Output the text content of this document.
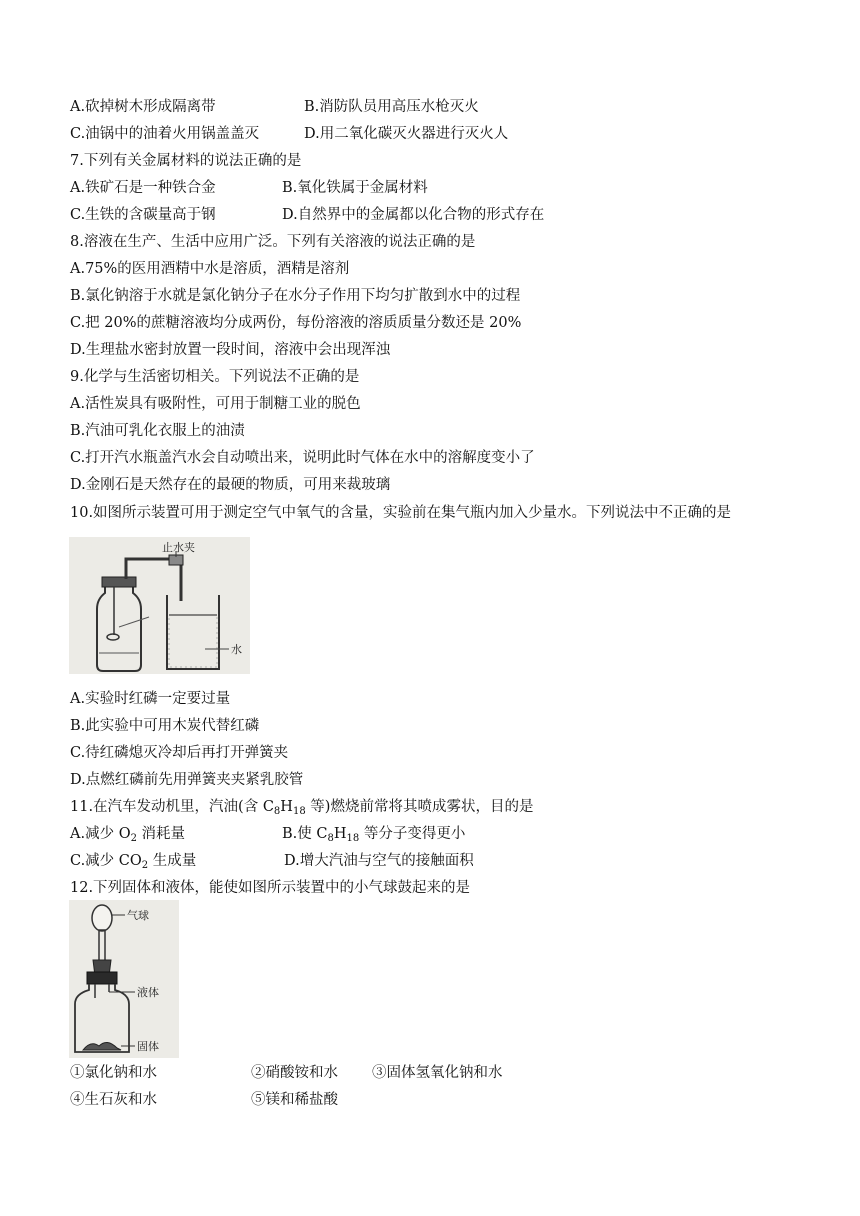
A.砍掉树木形成隔离带	B.消防队员用高压水枪灭火
C.油锅中的油着火用锅盖盖灭	D.用二氧化碳灭火器进行灭火人
7.下列有关金属材料的说法正确的是
A.铁矿石是一种铁合金	B.氧化铁属于金属材料
C.生铁的含碳量高于钢	D.自然界中的金属都以化合物的形式存在
8.溶液在生产、生活中应用广泛。下列有关溶液的说法正确的是
A.75%的医用酒精中水是溶质，酒精是溶剂
B.氯化钠溶于水就是氯化钠分子在水分子作用下均匀扩散到水中的过程
C.把 20%的蔗糖溶液均分成两份，每份溶液的溶质质量分数还是 20%
D.生理盐水密封放置一段时间，溶液中会出现浑浊
9.化学与生活密切相关。下列说法不正确的是
A.活性炭具有吸附性，可用于制糖工业的脱色
B.汽油可乳化衣服上的油渍
C.打开汽水瓶盖汽水会自动喷出来，说明此时气体在水中的溶解度变小了
D.金刚石是天然存在的最硬的物质，可用来裁玻璃
10.如图所示装置可用于测定空气中氧气的含量，实验前在集气瓶内加入少量水。下列说法中不正确的是
止水夹
水
A.实验时红磷一定要过量
B.此实验中可用木炭代替红磷
C.待红磷熄灭冷却后再打开弹簧夹
D.点燃红磷前先用弹簧夹夹紧乳胶管
11.在汽车发动机里，汽油(含 $C_8H_{18}$ 等)燃烧前常将其喷成雾状，目的是
A.减少 $O_2$ 消耗量	B.使 $C_8H_{18}$ 等分子变得更小
C.减少 $CO_2$ 生成量	D.增大汽油与空气的接触面积
12.下列固体和液体，能使如图所示装置中的小气球鼓起来的是
气球
液体
固体
①氯化钠和水	②硝酸铵和水 ③固体氢氧化钠和水
④生石灰和水	⑤镁和稀盐酸
